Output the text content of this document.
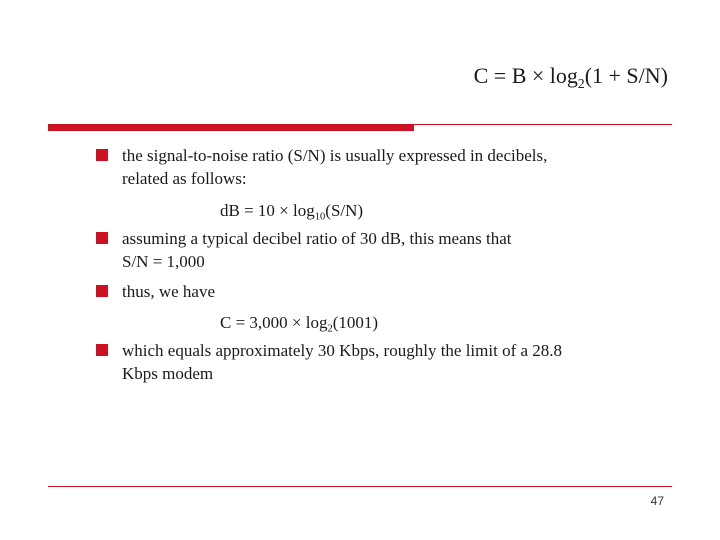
$C = B \times \log_2(1 + S/N)$
the signal-to-noise ratio (S/N) is usually expressed in decibels,
related as follows:
dB = $10 \times \log_{10}(S/N)$
assuming a typical decibel ratio of 30 dB, this means that
S/N = 1,000
thus, we have
$C = 3,000 \times \log_2(1001)$
which equals approximately 30 Kbps, roughly the limit of a 28.8
Kbps modem
47
